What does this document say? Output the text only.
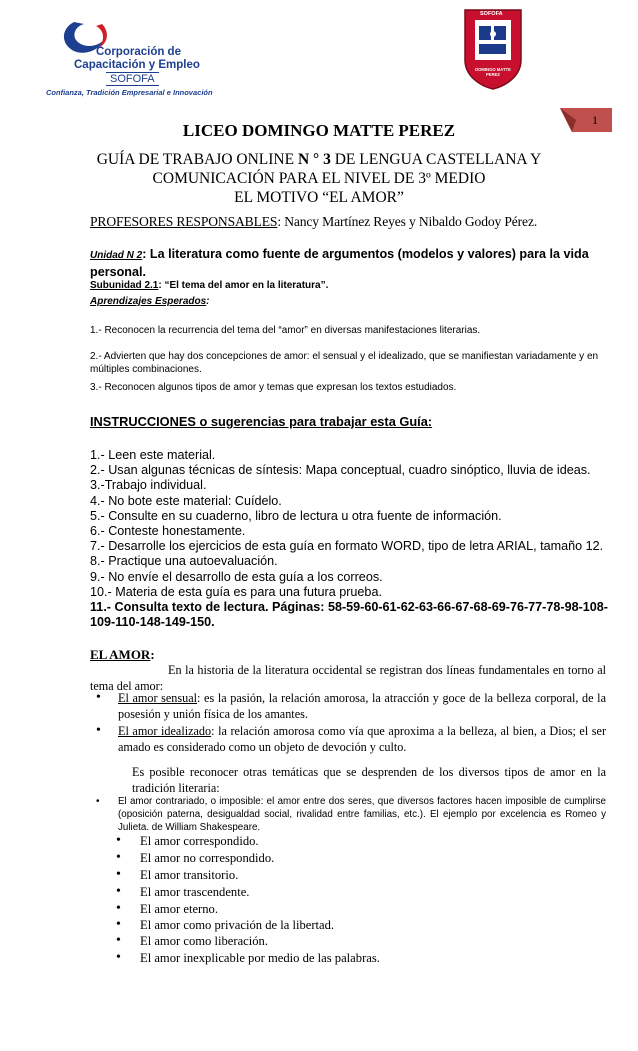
Corporación de
Capacitación y Empleo
SOFOFA
Confianza, Tradición Empresarial e Innovación
SOFOFA
DOMINGO MATTE PEREZ
1
LICEO DOMINGO MATTE PEREZ
GUÍA DE TRABAJO ONLINE N ° 3 DE LENGUA CASTELLANA Y
COMUNICACIÓN PARA EL NIVEL DE 3º MEDIO
EL MOTIVO “EL AMOR”
PROFESORES RESPONSABLES: Nancy Martínez Reyes y Nibaldo Godoy Pérez.
Unidad N 2: La literatura como fuente de argumentos (modelos y valores) para la vida personal.
Subunidad 2.1: “El tema del amor en la literatura”.
Aprendizajes Esperados:
1.- Reconocen la recurrencia del tema del “amor” en diversas manifestaciones literarias.
2.- Advierten que hay dos concepciones de amor: el sensual y el idealizado, que se manifiestan variadamente y en múltiples combinaciones.
3.- Reconocen algunos tipos de amor y temas que expresan los textos estudiados.
INSTRUCCIONES o sugerencias para trabajar esta Guía:
1.- Leen este material.
2.- Usan algunas técnicas de síntesis: Mapa conceptual, cuadro sinóptico, lluvia de ideas.
3.-Trabajo individual.
4.- No bote este material: Cuídelo.
5.- Consulte en su cuaderno, libro de lectura u otra fuente de información.
6.- Conteste honestamente.
7.- Desarrolle los ejercicios de esta guía en formato WORD, tipo de letra ARIAL, tamaño 12.
8.- Practique una autoevaluación.
9.- No envíe el desarrollo de esta guía a los correos.
10.- Materia de esta guía es para una futura prueba.
11.- Consulta texto de lectura. Páginas: 58-59-60-61-62-63-66-67-68-69-76-77-78-98-108-109-110-148-149-150.
EL AMOR:
En la historia de la literatura occidental se registran dos líneas fundamentales en torno al tema del amor:
• El amor sensual: es la pasión, la relación amorosa, la atracción y goce de la belleza corporal, de la posesión y unión física de los amantes.
• El amor idealizado: la relación amorosa como vía que aproxima a la belleza, al bien, a Dios; el ser amado es considerado como un objeto de devoción y culto.
Es posible reconocer otras temáticas que se desprenden de los diversos tipos de amor en la tradición literaria:
• El amor contrariado, o imposible: el amor entre dos seres, que diversos factores hacen imposible de cumplirse (oposición paterna, desigualdad social, rivalidad entre familias, etc.). El ejemplo por excelencia es Romeo y Julieta. de William Shakespeare.
• El amor correspondido.
• El amor no correspondido.
• El amor transitorio.
• El amor trascendente.
• El amor eterno.
• El amor como privación de la libertad.
• El amor como liberación.
• El amor inexplicable por medio de las palabras.
